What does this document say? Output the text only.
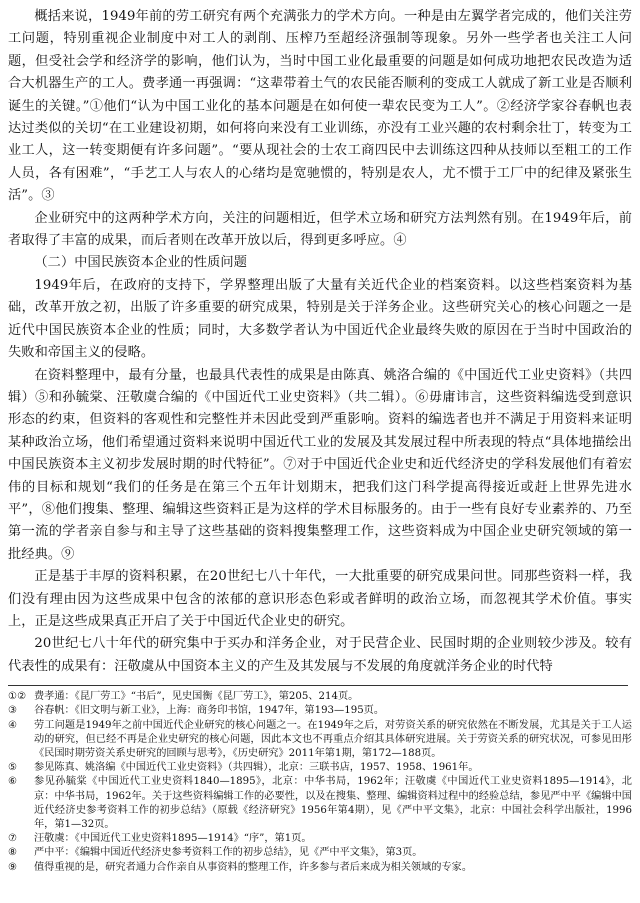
概括来说，1949年前的劳工研究有两个充满张力的学术方向。一种是由左翼学者完成的，他们关注劳工问题，特别重视企业制度中对工人的剥削、压榨乃至超经济强制等现象。另外一些学者也关注工人问题，但受社会学和经济学的影响，他们认为，当时中国工业化最重要的问题是如何成功地把农民改造为适合大机器生产的工人。费孝通一再强调：“这辈带着土气的农民能否顺利的变成工人就成了新工业是否顺利诞生的关键。”①他们“认为中国工业化的基本问题是在如何使一辈农民变为工人”。②经济学家谷春帆也表达过类似的关切“在工业建设初期，如何将向来没有工业训练，亦没有工业兴趣的农村剩余壮丁，转变为工业工人，这一转变期便有许多问题”。“要从现社会的士农工商四民中去训练这四种从技师以至粗工的工作人员，各有困难”，“手艺工人与农人的心绪均是宽驰惯的，特别是农人，尤不惯于工厂中的纪律及紧张生活”。③

企业研究中的这两种学术方向，关注的问题相近，但学术立场和研究方法判然有别。在1949年后，前者取得了丰富的成果，而后者则在改革开放以后，得到更多呼应。④

（二）中国民族资本企业的性质问题

1949年后，在政府的支持下，学界整理出版了大量有关近代企业的档案资料。以这些档案资料为基础，改革开放之初，出版了许多重要的研究成果，特别是关于洋务企业。这些研究关心的核心问题之一是近代中国民族资本企业的性质；同时，大多数学者认为中国近代企业最终失败的原因在于当时中国政治的失败和帝国主义的侵略。

在资料整理中，最有分量，也最具代表性的成果是由陈真、姚洛合编的《中国近代工业史资料》（共四辑）⑤和孙毓棠、汪敬虞合编的《中国近代工业史资料》（共二辑）。⑥毋庸讳言，这些资料编选受到意识形态的约束，但资料的客观性和完整性并未因此受到严重影响。资料的编选者也并不满足于用资料来证明某种政治立场，他们希望通过资料来说明中国近代工业的发展及其发展过程中所表现的特点“具体地描绘出中国民族资本主义初步发展时期的时代特征”。⑦对于中国近代企业史和近代经济史的学科发展他们有着宏伟的目标和规划“我们的任务是在第三个五年计划期末，把我们这门科学提高得接近或赶上世界先进水平”，⑧他们搜集、整理、编辑这些资料正是为这样的学术目标服务的。由于一些有良好专业素养的、乃至第一流的学者亲自参与和主导了这些基础的资料搜集整理工作，这些资料成为中国企业史研究领域的第一批经典。⑨

正是基于丰厚的资料积累，在20世纪七八十年代，一大批重要的研究成果问世。同那些资料一样，我们没有理由因为这些成果中包含的浓郁的意识形态色彩或者鲜明的政治立场，而忽视其学术价值。事实上，正是这些成果真正开启了关于中国近代企业史的研究。

20世纪七八十年代的研究集中于买办和洋务企业，对于民营企业、民国时期的企业则较少涉及。较有代表性的成果有：汪敬虞从中国资本主义的产生及其发展与不发展的角度就洋务企业的时代特

①② 费孝通：《昆厂劳工》“书后”，见史国衡《昆厂劳工》，第205、214页。
③	谷春帆：《旧文明与新工业》，上海：商务印书馆，1947年，第193—195页。
④	劳工问题是1949年之前中国近代企业研究的核心问题之一。在1949年之后，对劳资关系的研究依然在不断发展，尤其是关于工人运动的研究，但已经不再是企业史研究的核心问题，因此本文也不再重点介绍其具体研究进展。关于劳资关系的研究状况，可参见田彤《民国时期劳资关系史研究的回顾与思考》，《历史研究》2011年第1期，第172—188页。
⑤	参见陈真、姚洛编《中国近代工业史资料》（共四辑），北京：三联书店，1957、1958、1961年。
⑥	参见孙毓棠《中国近代工业史资料1840—1895》，北京：中华书局，1962年；汪敬虞《中国近代工业史资料1895—1914》，北京：中华书局，1962年。关于这些资料编辑工作的必要性，以及在搜集、整理、编辑资料过程中的经验总结，参见严中平《编辑中国近代经济史参考资料工作的初步总结》（原载《经济研究》1956年第4期），见《严中平文集》，北京：中国社会科学出版社，1996年，第1—32页。
⑦	汪敬虞：《中国近代工业史资料1895—1914》“序”，第1页。
⑧	严中平：《编辑中国近代经济史参考资料工作的初步总结》，见《严中平文集》，第3页。
⑨	值得重视的是，研究者通力合作亲自从事资料的整理工作，许多参与者后来成为相关领域的专家。
